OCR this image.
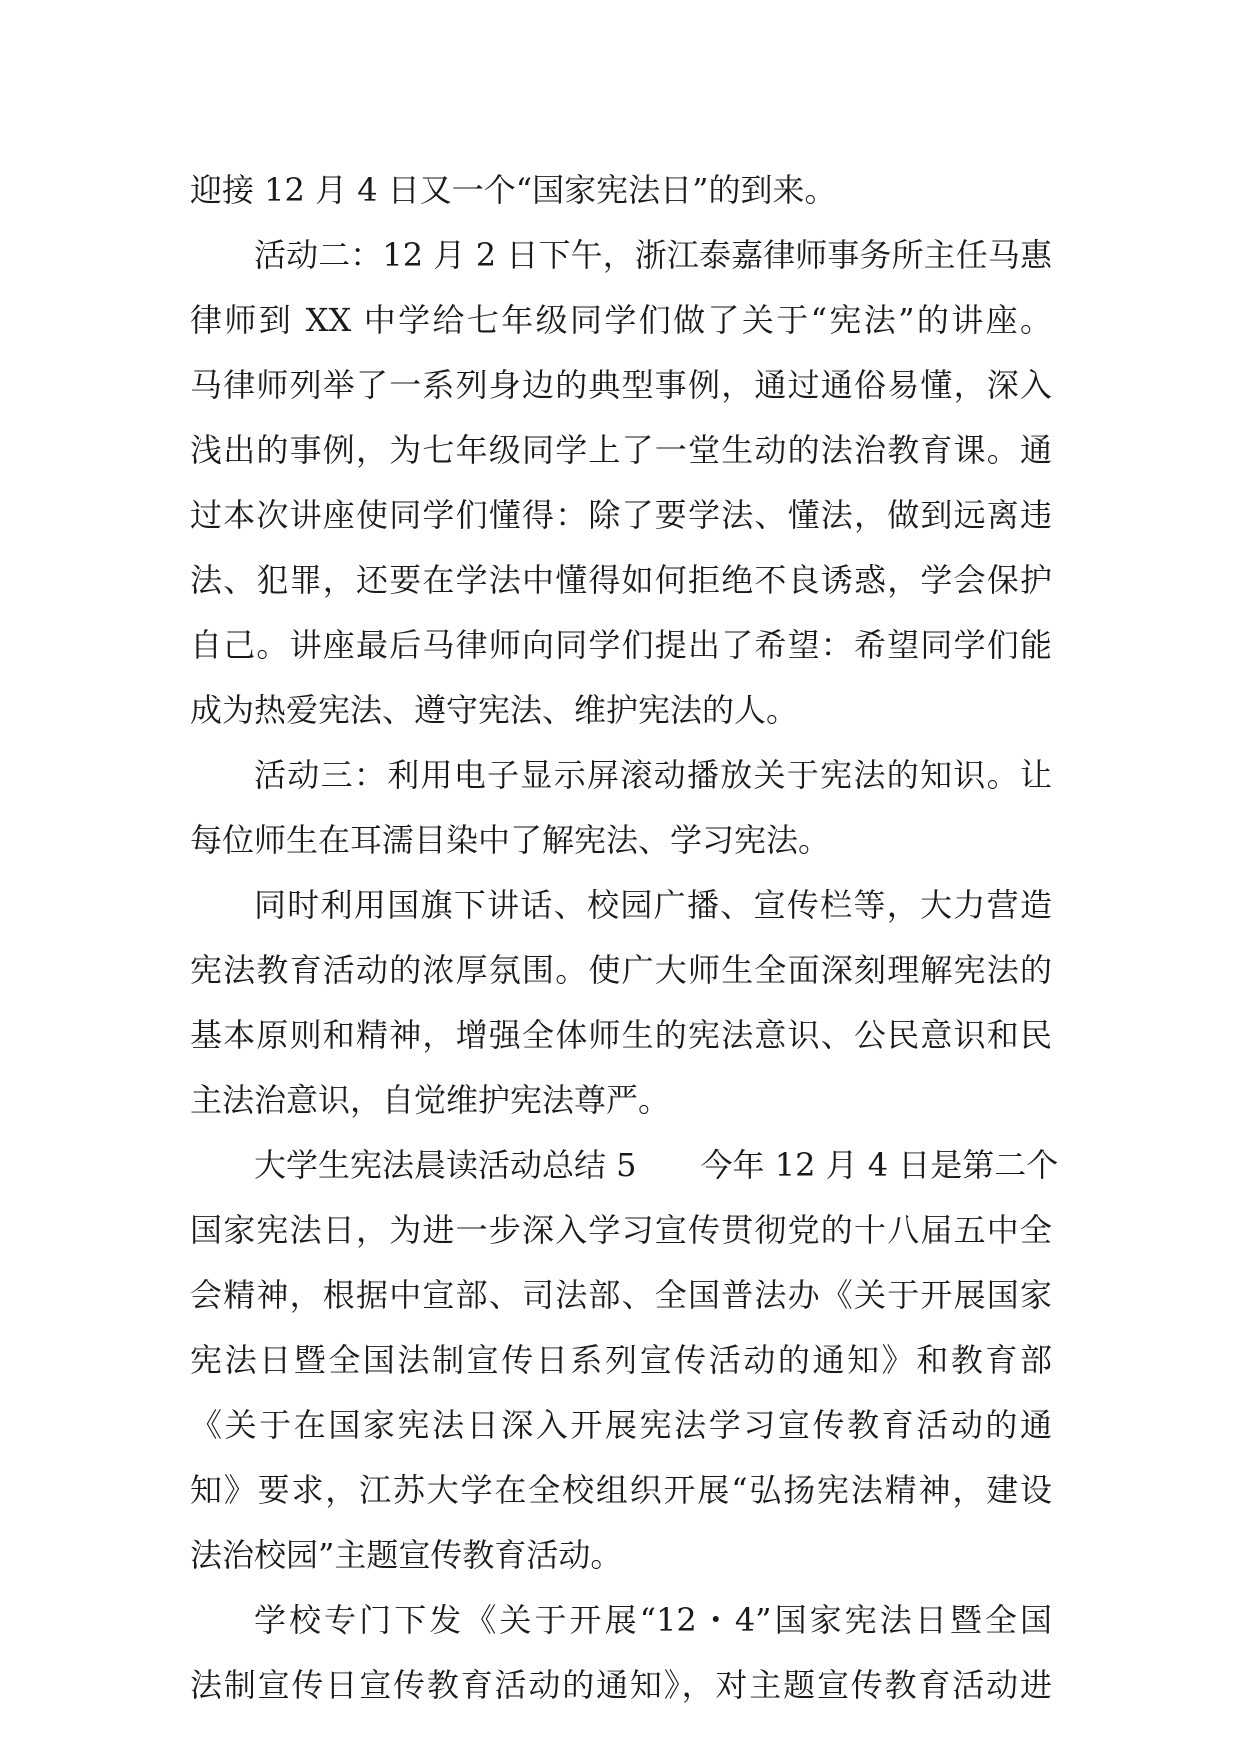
迎接 12 月 4 日又一个“国家宪法日”的到来。
活动二：12 月 2 日下午，浙江泰嘉律师事务所主任马惠
律师到 XX 中学给七年级同学们做了关于“宪法”的讲座。
马律师列举了一系列身边的典型事例，通过通俗易懂，深入
浅出的事例，为七年级同学上了一堂生动的法治教育课。通
过本次讲座使同学们懂得：除了要学法、懂法，做到远离违
法、犯罪，还要在学法中懂得如何拒绝不良诱惑，学会保护
自己。讲座最后马律师向同学们提出了希望：希望同学们能
成为热爱宪法、遵守宪法、维护宪法的人。
活动三：利用电子显示屏滚动播放关于宪法的知识。让
每位师生在耳濡目染中了解宪法、学习宪法。
同时利用国旗下讲话、校园广播、宣传栏等，大力营造
宪法教育活动的浓厚氛围。使广大师生全面深刻理解宪法的
基本原则和精神，增强全体师生的宪法意识、公民意识和民
主法治意识，自觉维护宪法尊严。
大学生宪法晨读活动总结 5　　今年 12 月 4 日是第二个
国家宪法日，为进一步深入学习宣传贯彻党的十八届五中全
会精神，根据中宣部、司法部、全国普法办《关于开展国家
宪法日暨全国法制宣传日系列宣传活动的通知》和教育部
《关于在国家宪法日深入开展宪法学习宣传教育活动的通
知》要求，江苏大学在全校组织开展“弘扬宪法精神，建设
法治校园”主题宣传教育活动。
学校专门下发《关于开展“12・4”国家宪法日暨全国
法制宣传日宣传教育活动的通知》，对主题宣传教育活动进
